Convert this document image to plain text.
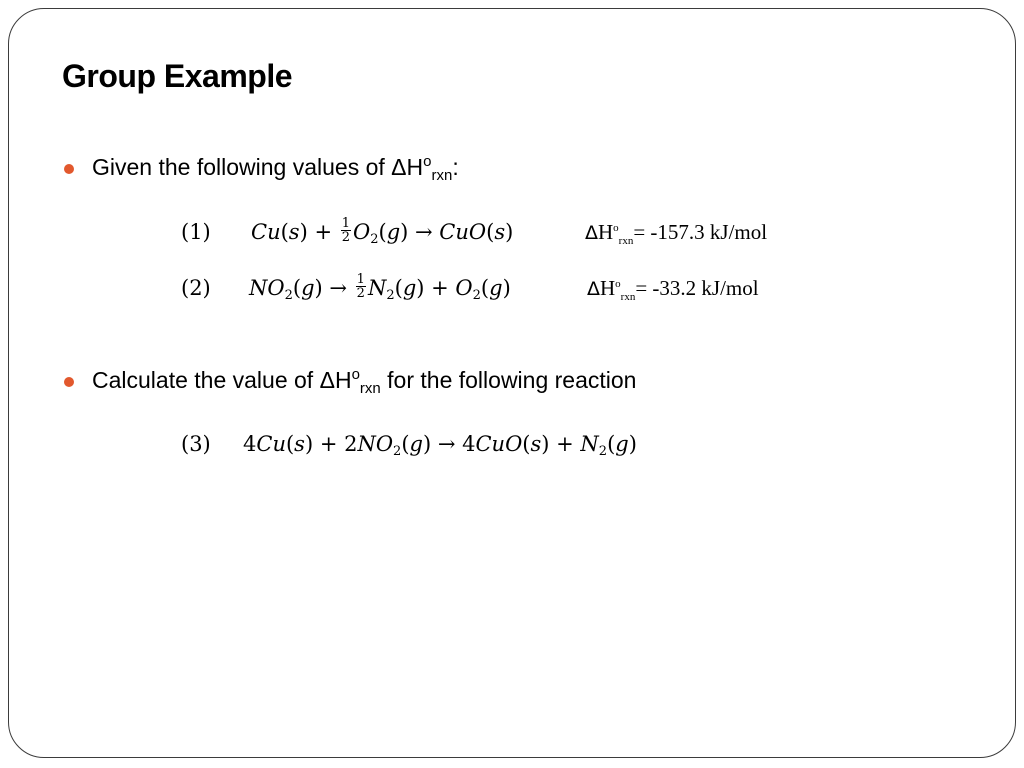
Group Example
Given the following values of $\Delta H^o_{rxn}$:
(1) $Cu(s) + \frac{1}{2} O_2(g) \to CuO(s)$	$\Delta H^o_{rxn}= -157.3$ kJ/mol
(2) $NO_2(g) \to \frac{1}{2} N_2(g) + O_2(g)$	$\Delta H^o_{rxn}= -33.2$ kJ/mol
Calculate the value of $\Delta H^o_{rxn}$ for the following reaction
(3) $4Cu(s) + 2NO_2(g) \to 4CuO(s) + N_2(g)$
